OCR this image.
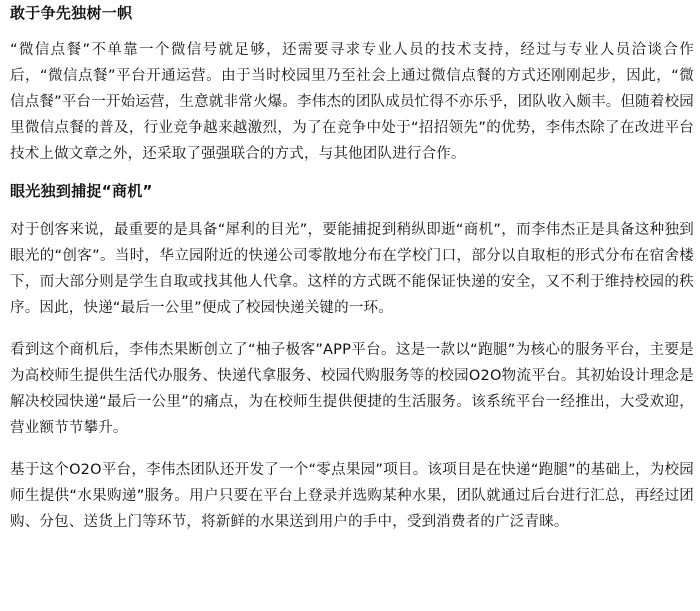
敢于争先独树一帜

“微信点餐”不单靠一个微信号就足够，还需要寻求专业人员的技术支持，经过与专业人员洽谈合作后，“微信点餐”平台开通运营。由于当时校园里乃至社会上通过微信点餐的方式还刚刚起步，因此，“微信点餐”平台一开始运营，生意就非常火爆。李伟杰的团队成员忙得不亦乐乎，团队收入颇丰。但随着校园里微信点餐的普及，行业竞争越来越激烈，为了在竞争中处于“招招领先”的优势，李伟杰除了在改进平台技术上做文章之外，还采取了强强联合的方式，与其他团队进行合作。

眼光独到捕捉“商机”

对于创客来说，最重要的是具备“犀利的目光”，要能捕捉到稍纵即逝“商机”，而李伟杰正是具备这种独到眼光的“创客”。当时，华立园附近的快递公司零散地分布在学校门口，部分以自取柜的形式分布在宿舍楼下，而大部分则是学生自取或找其他人代拿。这样的方式既不能保证快递的安全，又不利于维持校园的秩序。因此，快递“最后一公里”便成了校园快递关键的一环。

看到这个商机后，李伟杰果断创立了“柚子极客”APP平台。这是一款以“跑腿”为核心的服务平台，主要是为高校师生提供生活代办服务、快递代拿服务、校园代购服务等的校园O2O物流平台。其初始设计理念是解决校园快递“最后一公里”的痛点，为在校师生提供便捷的生活服务。该系统平台一经推出，大受欢迎，营业额节节攀升。

基于这个O2O平台，李伟杰团队还开发了一个“零点果园”项目。该项目是在快递“跑腿”的基础上，为校园师生提供“水果购递”服务。用户只要在平台上登录并选购某种水果，团队就通过后台进行汇总，再经过团购、分包、送货上门等环节，将新鲜的水果送到用户的手中，受到消费者的广泛青睐。
